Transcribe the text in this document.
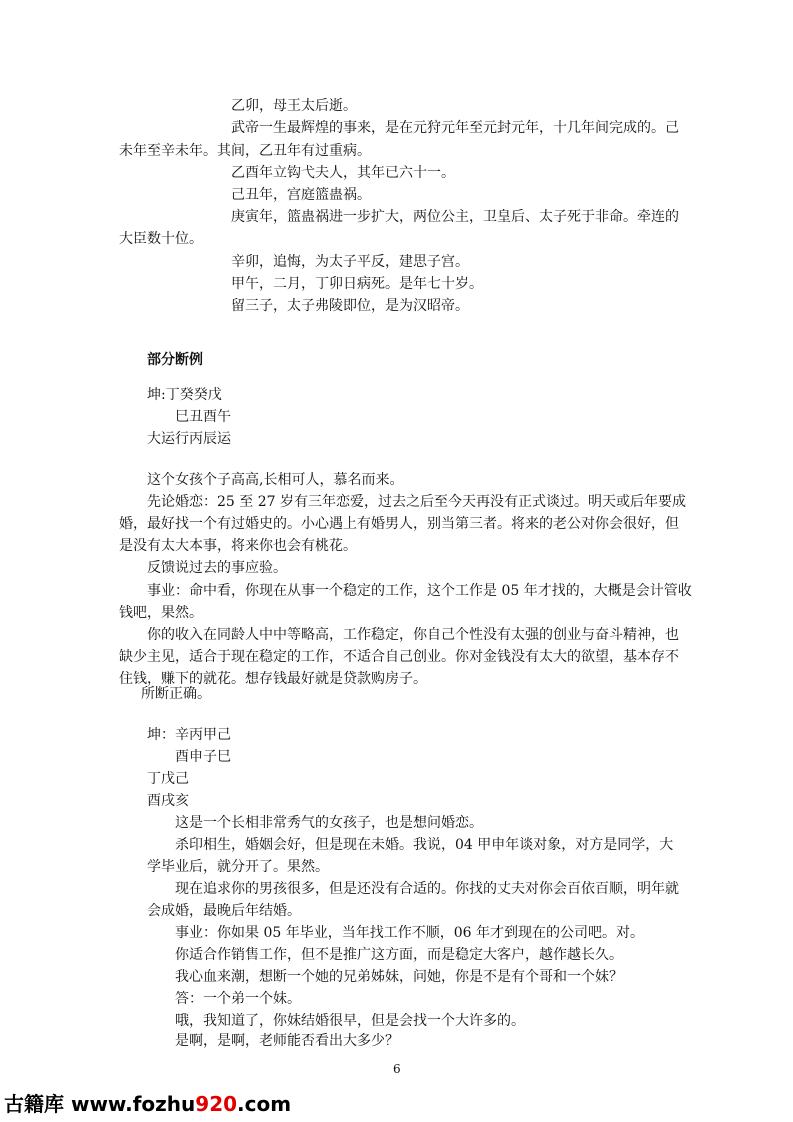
乙卯，母王太后逝。
武帝一生最辉煌的事来，是在元狩元年至元封元年，十几年间完成的。己
未年至辛未年。其间，乙丑年有过重病。
乙酉年立钩弋夫人，其年已六十一。
己丑年，宫庭篮蛊祸。
庚寅年，篮蛊祸进一步扩大，两位公主，卫皇后、太子死于非命。牵连的
大臣数十位。
辛卯，追悔，为太子平反，建思子宫。
甲午，二月，丁卯日病死。是年七十岁。
留三子，太子弗陵即位，是为汉昭帝。
部分断例
坤:丁癸癸戊
巳丑酉午
大运行丙辰运
这个女孩个子高高,长相可人，慕名而来。
先论婚恋：25 至 27 岁有三年恋爱，过去之后至今天再没有正式谈过。明天或后年要成
婚，最好找一个有过婚史的。小心遇上有婚男人，别当第三者。将来的老公对你会很好，但
是没有太大本事，将来你也会有桃花。
反馈说过去的事应验。
事业：命中看，你现在从事一个稳定的工作，这个工作是 05 年才找的，大概是会计管收
钱吧，果然。
你的收入在同龄人中中等略高，工作稳定，你自己个性没有太强的创业与奋斗精神，也
缺少主见，适合于现在稳定的工作，不适合自己创业。你对金钱没有太大的欲望，基本存不
住钱，赚下的就花。想存钱最好就是贷款购房子。
所断正确。
坤：辛丙甲己
酉申子巳
丁戊己
酉戌亥
这是一个长相非常秀气的女孩子，也是想问婚恋。
杀印相生，婚姻会好，但是现在未婚。我说，04 甲申年谈对象，对方是同学，大
学毕业后，就分开了。果然。
现在追求你的男孩很多，但是还没有合适的。你找的丈夫对你会百依百顺，明年就
会成婚，最晚后年结婚。
事业：你如果 05 年毕业，当年找工作不顺，06 年才到现在的公司吧。对。
你适合作销售工作，但不是推广这方面，而是稳定大客户，越作越长久。
我心血来潮，想断一个她的兄弟姊妹，问她，你是不是有个哥和一个妹？
答：一个弟一个妹。
哦，我知道了，你妹结婚很早，但是会找一个大许多的。
是啊，是啊，老师能否看出大多少？
6
古籍库 www.fozhu920.com
